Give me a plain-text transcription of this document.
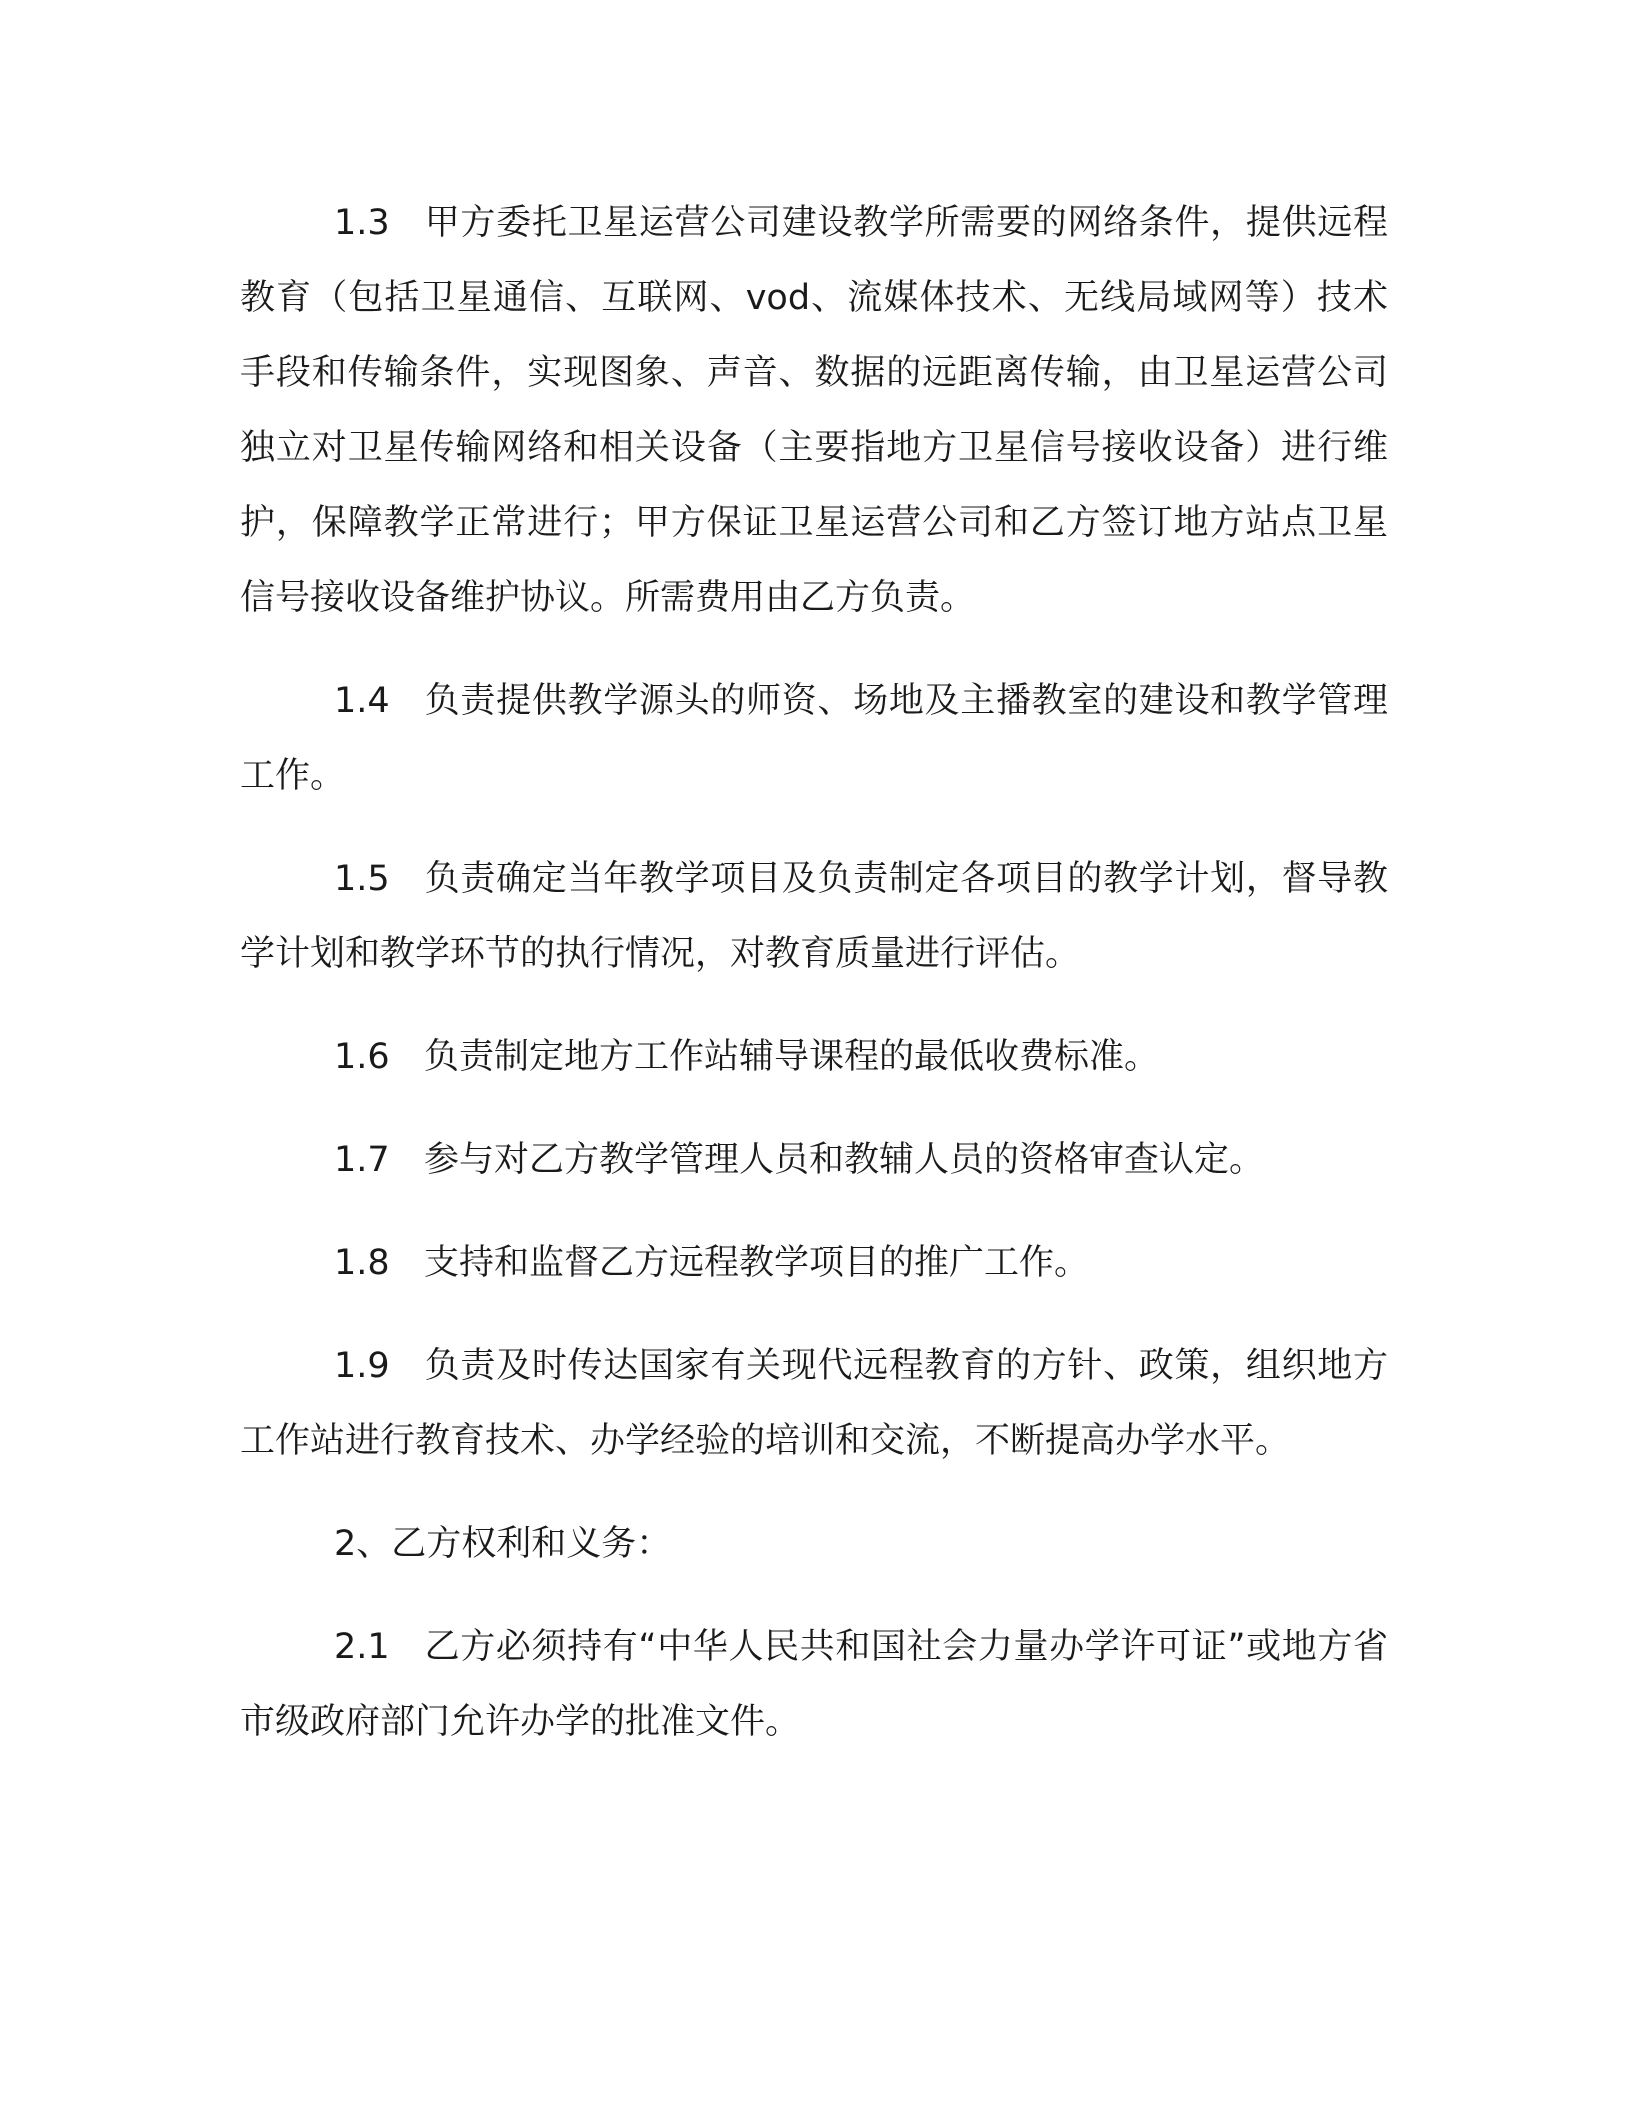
1.3 甲方委托卫星运营公司建设教学所需要的网络条件，提供远程教育（包括卫星通信、互联网、vod、流媒体技术、无线局域网等）技术手段和传输条件，实现图象、声音、数据的远距离传输，由卫星运营公司独立对卫星传输网络和相关设备（主要指地方卫星信号接收设备）进行维护，保障教学正常进行；甲方保证卫星运营公司和乙方签订地方站点卫星信号接收设备维护协议。所需费用由乙方负责。

1.4 负责提供教学源头的师资、场地及主播教室的建设和教学管理工作。

1.5 负责确定当年教学项目及负责制定各项目的教学计划，督导教学计划和教学环节的执行情况，对教育质量进行评估。

1.6 负责制定地方工作站辅导课程的最低收费标准。

1.7 参与对乙方教学管理人员和教辅人员的资格审查认定。

1.8 支持和监督乙方远程教学项目的推广工作。

1.9 负责及时传达国家有关现代远程教育的方针、政策，组织地方工作站进行教育技术、办学经验的培训和交流，不断提高办学水平。

2、乙方权利和义务：

2.1 乙方必须持有“中华人民共和国社会力量办学许可证”或地方省市级政府部门允许办学的批准文件。
